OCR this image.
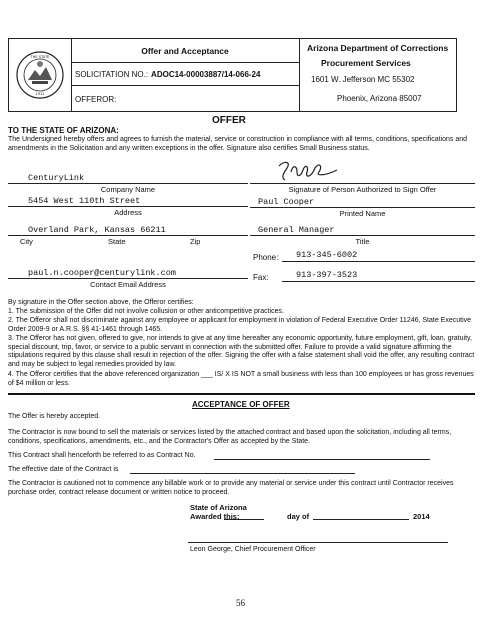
THE STATE
1912
Offer and Acceptance
SOLICITATION NO.: ADOC14-00003887/14-066-24
OFFEROR:
Arizona Department of Corrections
Procurement Services
1601 W. Jefferson MC 55302
Phoenix, Arizona 85007
OFFER
TO THE STATE OF ARIZONA:
The Undersigned hereby offers and agrees to furnish the material, service or construction in compliance with all terms, conditions, specifications and amendments in the Solicitation and any written exceptions in the offer. Signature also certifies Small Business status.
CenturyLink
Company Name
5454 West 110th Street
Address
Overland Park, Kansas 66211
City	State	Zip
paul.n.cooper@centurylink.com
Contact Email Address
Signature of Person Authorized to Sign Offer
Paul Cooper
Printed Name
General Manager
Title
Phone: 913-345-6002
Fax:	913-397-3523
By signature in the Offer section above, the Offeror certifies:
1. The submission of the Offer did not involve collusion or other anticompetitive practices.
2. The Offeror shall not discriminate against any employee or applicant for employment in violation of Federal Executive Order 11246, State Executive Order 2009-9 or A.R.S. §§ 41-1461 through 1465.
3. The Offeror has not given, offered to give, nor intends to give at any time hereafter any economic opportunity, future employment, gift, loan, gratuity, special discount, trip, favor, or service to a public servant in connection with the submitted offer. Failure to provide a valid signature affirming the stipulations required by this clause shall result in rejection of the offer. Signing the offer with a false statement shall void the offer, any resulting contract and may be subject to legal remedies provided by law.
4. The Offeror certifies that the above referenced organization ___ IS/ X IS NOT a small business with less than 100 employees or has gross revenues of $4 million or less.
ACCEPTANCE OF OFFER
The Offer is hereby accepted.
The Contractor is now bound to sell the materials or services listed by the attached contract and based upon the solicitation, including all terms, conditions, specifications, amendments, etc., and the Contractor's Offer as accepted by the State.
This Contract shall henceforth be referred to as Contract No.
The effective date of the Contract is
The Contractor is cautioned not to commence any billable work or to provide any material or service under this contract until Contractor receives purchase order, contract release document or written notice to proceed.
State of Arizona
Awarded this:	day of	2014
Leon George, Chief Procurement Officer
56
